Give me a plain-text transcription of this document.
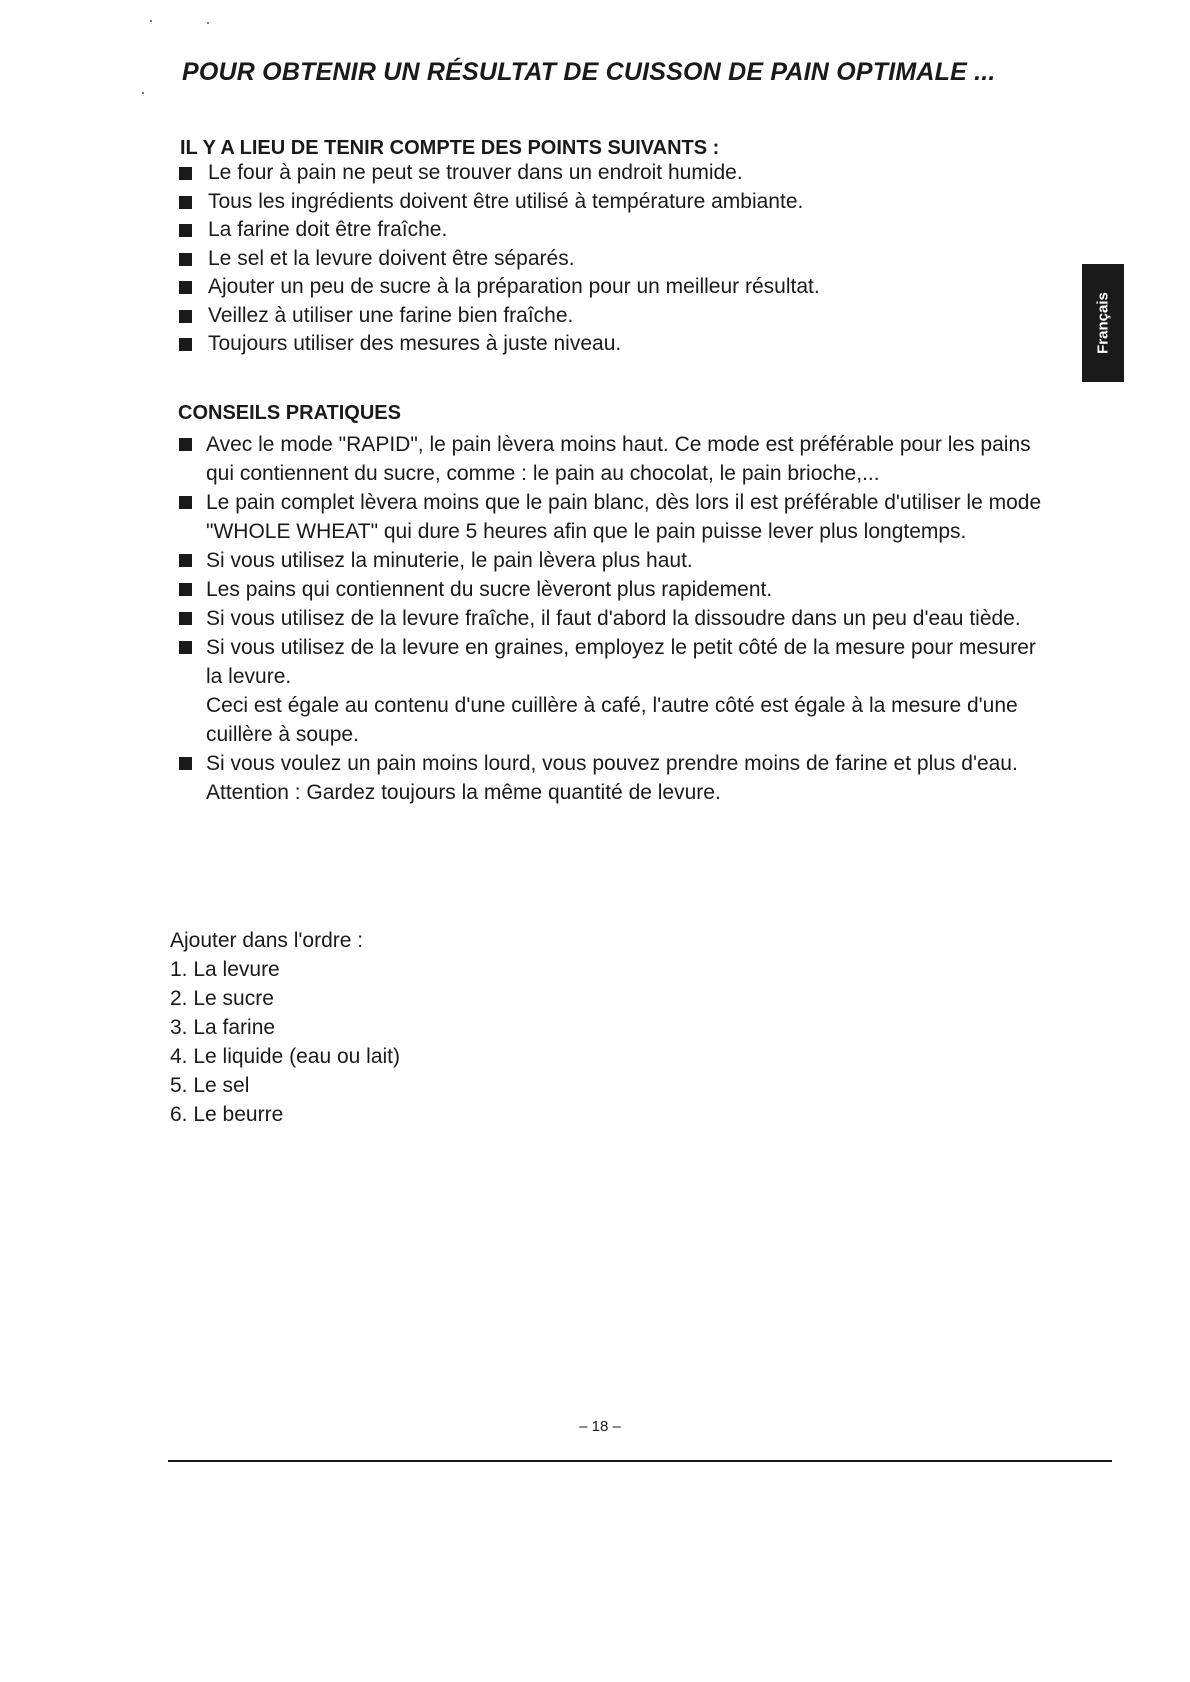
POUR OBTENIR UN RÉSULTAT DE CUISSON DE PAIN OPTIMALE ...
Français
IL Y A LIEU DE TENIR COMPTE DES POINTS SUIVANTS :
Le four à pain ne peut se trouver dans un endroit humide.
Tous les ingrédients doivent être utilisé à température ambiante.
La farine doit être fraîche.
Le sel et la levure doivent être séparés.
Ajouter un peu de sucre à la préparation pour un meilleur résultat.
Veillez à utiliser une farine bien fraîche.
Toujours utiliser des mesures à juste niveau.
CONSEILS PRATIQUES
Avec le mode "RAPID", le pain lèvera moins haut. Ce mode est préférable pour les pains qui contiennent du sucre, comme : le pain au chocolat, le pain brioche,...
Le pain complet lèvera moins que le pain blanc, dès lors il est préférable d'utiliser le mode "WHOLE WHEAT" qui dure 5 heures afin que le pain puisse lever plus longtemps.
Si vous utilisez la minuterie, le pain lèvera plus haut.
Les pains qui contiennent du sucre lèveront plus rapidement.
Si vous utilisez de la levure fraîche, il faut d'abord la dissoudre dans un peu d'eau tiède.
Si vous utilisez de la levure en graines, employez le petit côté de la mesure pour mesurer la levure.
Ceci est égale au contenu d'une cuillère à café, l'autre côté est égale à la mesure d'une cuillère à soupe.
Si vous voulez un pain moins lourd, vous pouvez prendre moins de farine et plus d'eau.
Attention : Gardez toujours la même quantité de levure.

Ajouter dans l'ordre :

1. La levure
2. Le sucre
3. La farine
4. Le liquide (eau ou lait)
5. Le sel
6. Le beurre
– 18 –
